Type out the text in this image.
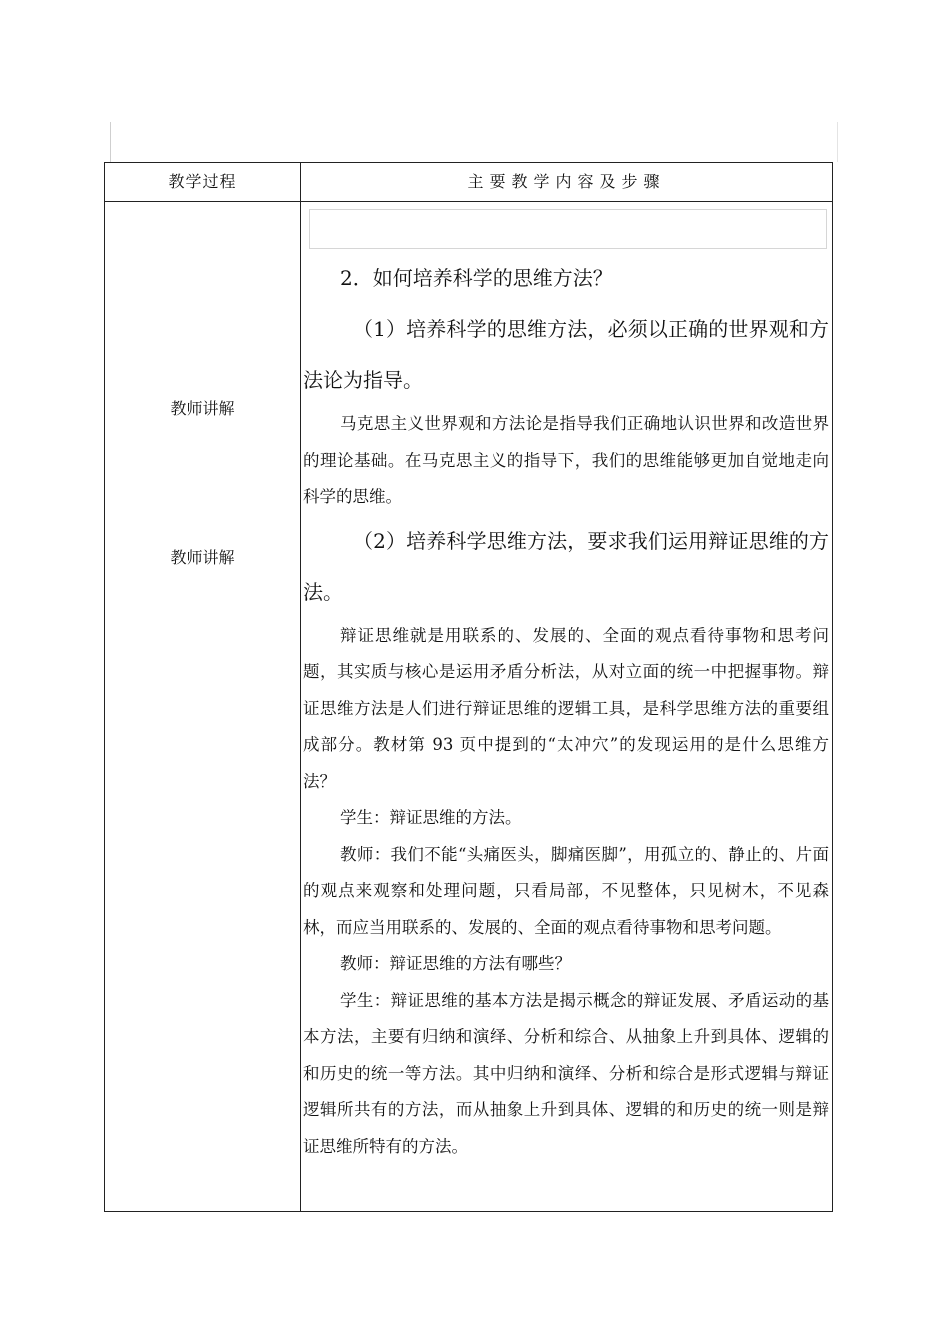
教学过程	主要教学内容及步骤
教师讲解
教师讲解

2．如何培养科学的思维方法？

（1）培养科学的思维方法，必须以正确的世界观和方法论为指导。

马克思主义世界观和方法论是指导我们正确地认识世界和改造世界的理论基础。在马克思主义的指导下，我们的思维能够更加自觉地走向科学的思维。

（2）培养科学思维方法，要求我们运用辩证思维的方法。

辩证思维就是用联系的、发展的、全面的观点看待事物和思考问题，其实质与核心是运用矛盾分析法，从对立面的统一中把握事物。辩证思维方法是人们进行辩证思维的逻辑工具，是科学思维方法的重要组成部分。教材第 93 页中提到的“太冲穴”的发现运用的是什么思维方法？

学生：辩证思维的方法。

教师：我们不能“头痛医头，脚痛医脚”，用孤立的、静止的、片面的观点来观察和处理问题，只看局部，不见整体，只见树木，不见森林，而应当用联系的、发展的、全面的观点看待事物和思考问题。

教师：辩证思维的方法有哪些？

学生：辩证思维的基本方法是揭示概念的辩证发展、矛盾运动的基本方法，主要有归纳和演绎、分析和综合、从抽象上升到具体、逻辑的和历史的统一等方法。其中归纳和演绎、分析和综合是形式逻辑与辩证逻辑所共有的方法，而从抽象上升到具体、逻辑的和历史的统一则是辩证思维所特有的方法。
